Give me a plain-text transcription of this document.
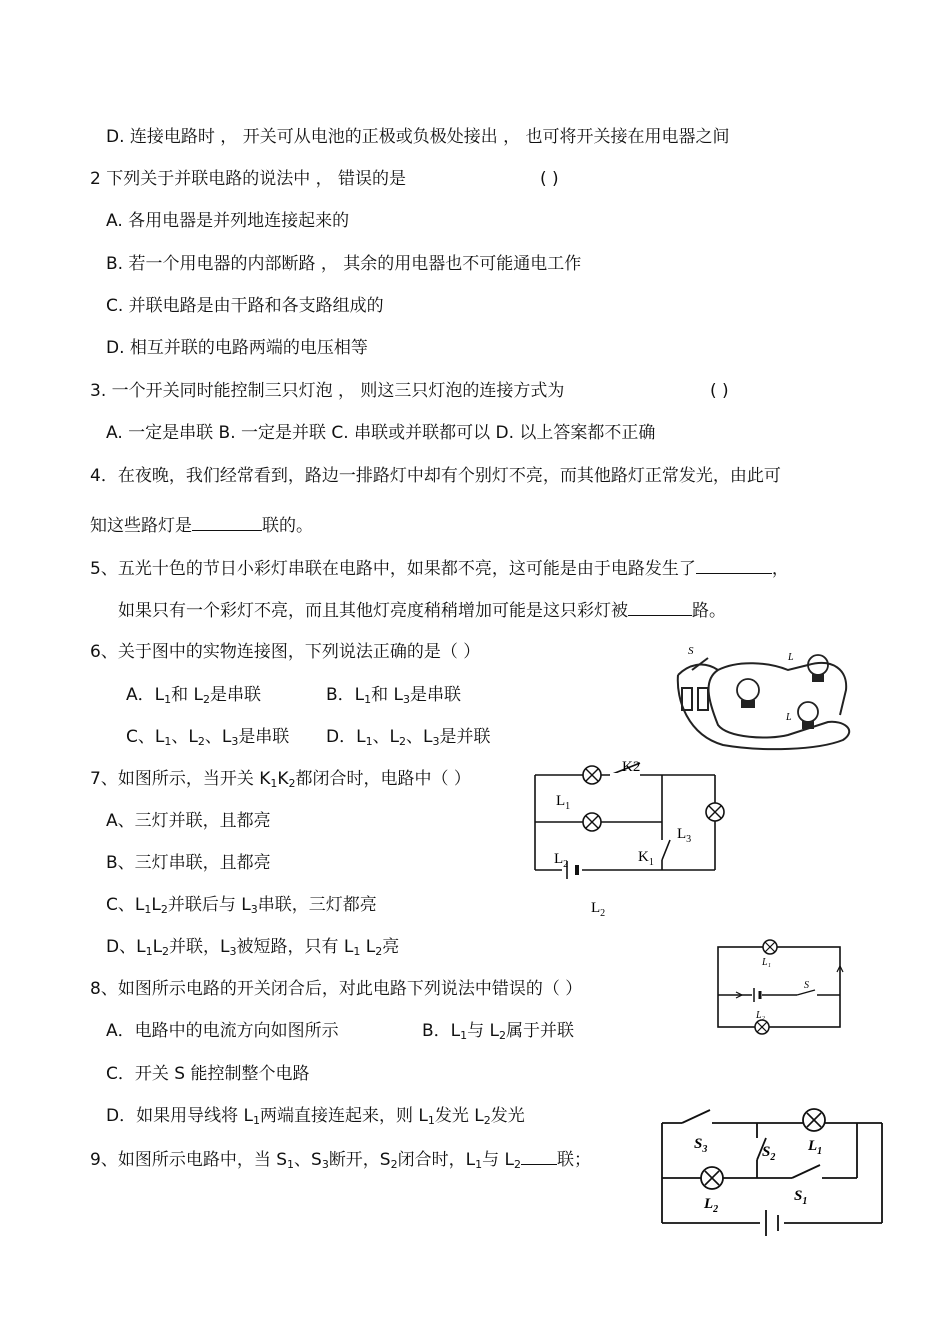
D. 连接电路时 ， 开关可从电池的正极或负极处接出 ， 也可将开关接在用电器之间
2 下列关于并联电路的说法中 ， 错误的是	( )
A. 各用电器是并列地连接起来的
B. 若一个用电器的内部断路 ， 其余的用电器也不可能通电工作
C. 并联电路是由干路和各支路组成的
D. 相互并联的电路两端的电压相等
3. 一个开关同时能控制三只灯泡 ， 则这三只灯泡的连接方式为	( )
A. 一定是串联 B. 一定是并联 C. 串联或并联都可以 D. 以上答案都不正确
4．在夜晚，我们经常看到，路边一排路灯中却有个别灯不亮，而其他路灯正常发光，由此可
知这些路灯是	联的。
5、五光十色的节日小彩灯串联在电路中，如果都不亮，这可能是由于电路发生了	，
如果只有一个彩灯不亮，而且其他灯亮度稍稍增加可能是这只彩灯被	路。
6、关于图中的实物连接图，下列说法正确的是（ ）
A．$L_1$和 $L_2$是串联	B．$L_1$和 $L_3$是串联
C、$L_1$、$L_2$、$L_3$是串联 D．$L_1$、$L_2$、$L_3$是并联
7、如图所示，当开关 $K_1K_2$都闭合时，电路中（ ）
A、三灯并联，且都亮
B、三灯串联，且都亮
C、$L_1L_2$并联后与 $L_3$串联，三灯都亮
D、$L_1L_2$并联，$L_3$被短路，只有 $L_1$ $L_2$亮
8、如图所示电路的开关闭合后，对此电路下列说法中错误的（ ）
A．电路中的电流方向如图所示	B．$L_1$与 $L_2$属于并联
C．开关 S 能控制整个电路
D．如果用导线将 $L_1$两端直接连起来，则 $L_1$发光 $L_2$发光
9、如图所示电路中，当 $S_1$、$S_3$断开，$S_2$闭合时，$L_1$与 $L_2$ 联；
S
L
L
K2
$L_1$
$L_3$
$K_1$
$L_2$
$L_2$
L₁
S
L₂
$S_3$	$S_2$
$L_1$
$L_2$
$S_1$
